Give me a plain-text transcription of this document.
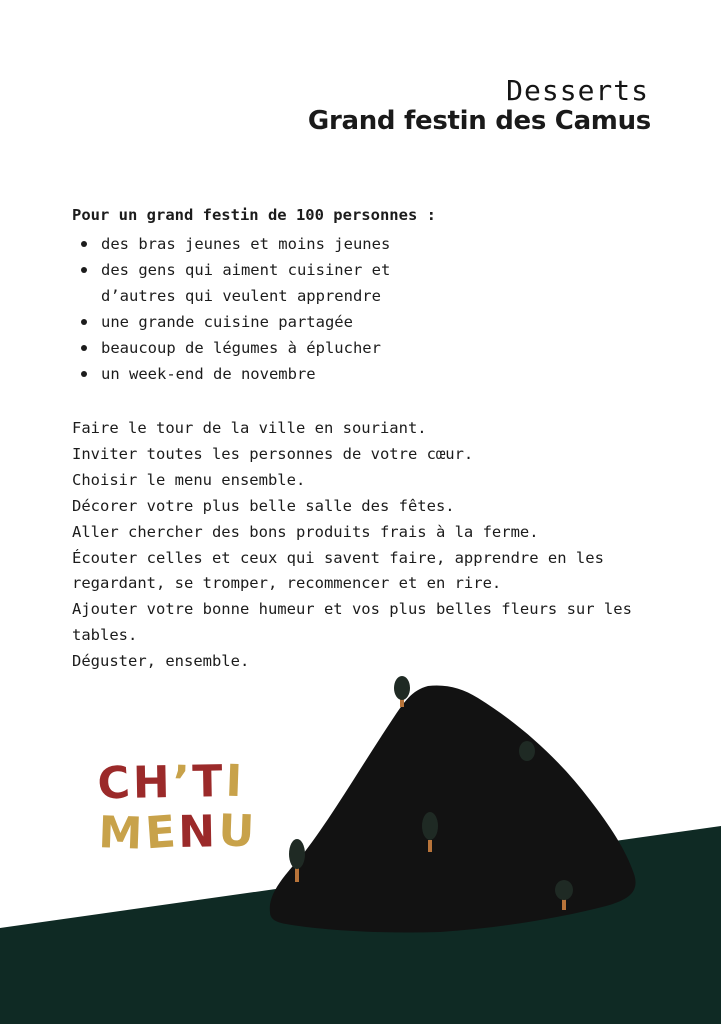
Desserts
Grand festin des Camus
Pour un grand festin de 100 personnes :
des bras jeunes et moins jeunes
des gens qui aiment cuisiner et d’autres qui veulent apprendre
une grande cuisine partagée
beaucoup de légumes à éplucher
un week-end de novembre
Faire le tour de la ville en souriant.
Inviter toutes les personnes de votre cœur.
Choisir le menu ensemble.
Décorer votre plus belle salle des fêtes.
Aller chercher des bons produits frais à la ferme.
Écouter celles et ceux qui savent faire, apprendre en les regardant, se tromper, recommencer et en rire.
Ajouter votre bonne humeur et vos plus belles fleurs sur les tables.
Déguster, ensemble.
CH’TI
MENU
